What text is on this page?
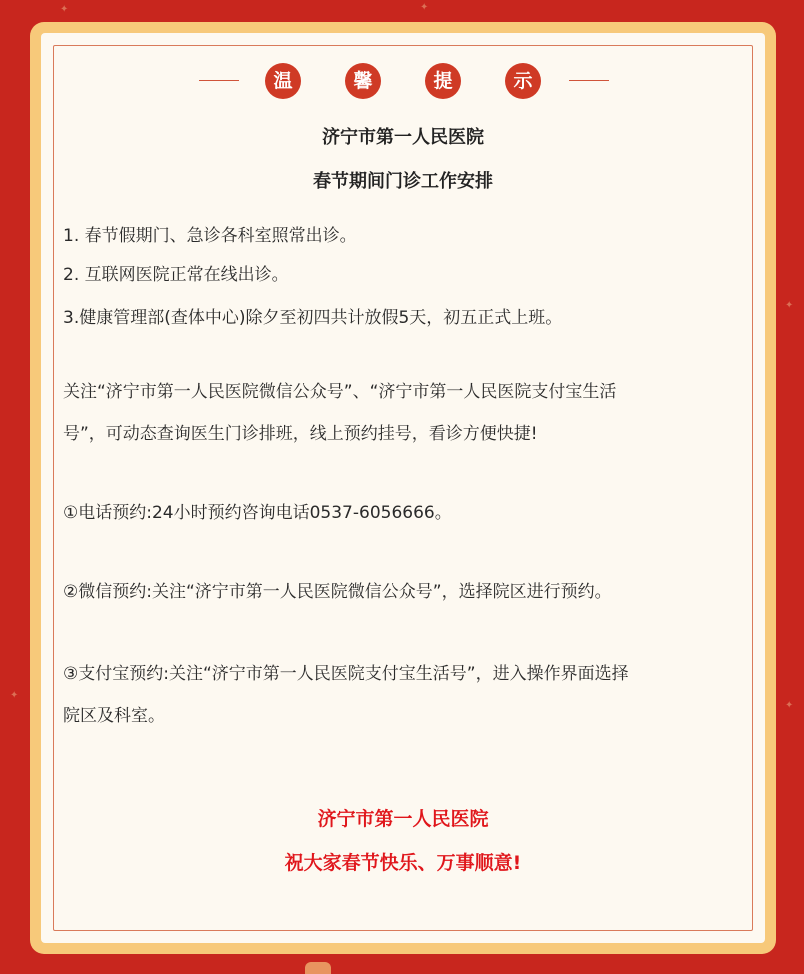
✦	✦
✦
✦
✦
温	馨	提	示
济宁市第一人民医院
春节期间门诊工作安排
1. 春节假期门、急诊各科室照常出诊。
2. 互联网医院正常在线出诊。
3.健康管理部(查体中心)除夕至初四共计放假5天，初五正式上班。
关注“济宁市第一人民医院微信公众号”、“济宁市第一人民医院支付宝生活
号”，可动态查询医生门诊排班，线上预约挂号，看诊方便快捷!
①电话预约:24小时预约咨询电话0537-6056666。
②微信预约:关注“济宁市第一人民医院微信公众号”，选择院区进行预约。
③支付宝预约:关注“济宁市第一人民医院支付宝生活号”，进入操作界面选择
院区及科室。
济宁市第一人民医院
祝大家春节快乐、万事顺意!
